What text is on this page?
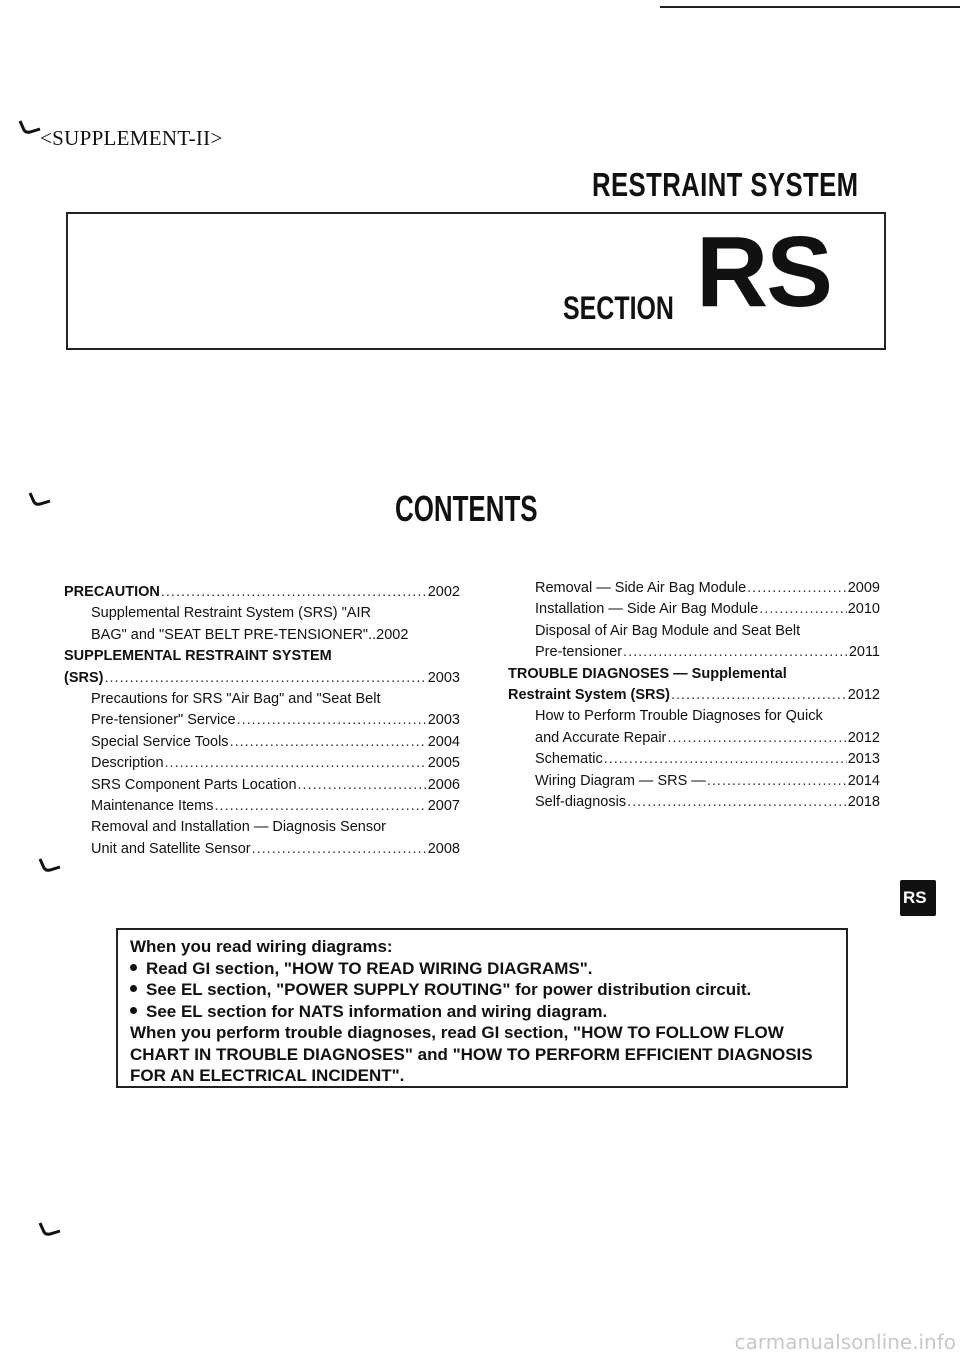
<SUPPLEMENT-II>
RESTRAINT SYSTEM
SECTION RS
CONTENTS
PRECAUTION .....	2002
Supplemental Restraint System (SRS) "AIR
BAG" and "SEAT BELT PRE-TENSIONER"..2002
SUPPLEMENTAL RESTRAINT SYSTEM
(SRS) .....	2003
Precautions for SRS "Air Bag" and "Seat Belt
Pre-tensioner" Service .....	2003
Special Service Tools .....	2004
Description .....	2005
SRS Component Parts Location .....	2006
Maintenance Items .....	2007
Removal and Installation — Diagnosis Sensor
Unit and Satellite Sensor .....	2008
Removal — Side Air Bag Module .....	2009
Installation — Side Air Bag Module .....	2010
Disposal of Air Bag Module and Seat Belt
Pre-tensioner .....	2011
TROUBLE DIAGNOSES — Supplemental
Restraint System (SRS) .....	2012
How to Perform Trouble Diagnoses for Quick
and Accurate Repair .....	2012
Schematic .....	2013
Wiring Diagram — SRS — .....	2014
Self-diagnosis .....	2018
RS
When you read wiring diagrams:
Read GI section, "HOW TO READ WIRING DIAGRAMS".
See EL section, "POWER SUPPLY ROUTING" for power distribution circuit.
See EL section for NATS information and wiring diagram.
When you perform trouble diagnoses, read GI section, "HOW TO FOLLOW FLOW
CHART IN TROUBLE DIAGNOSES" and "HOW TO PERFORM EFFICIENT DIAGNOSIS
FOR AN ELECTRICAL INCIDENT".
carmanualsonline.info
